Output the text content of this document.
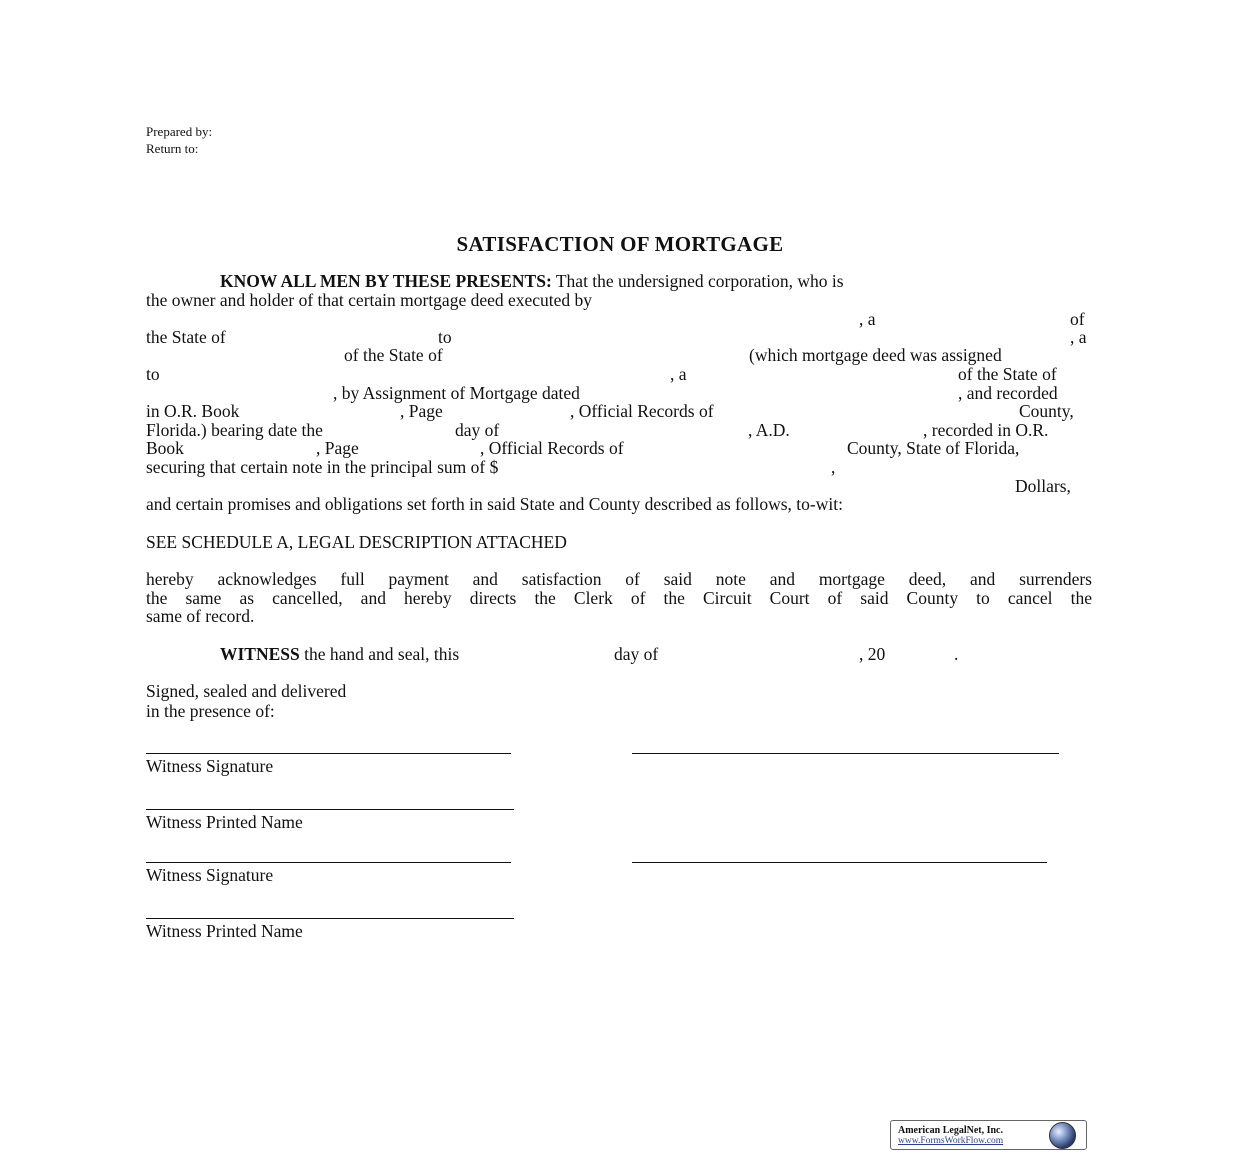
Prepared by:
Return to:
SATISFACTION OF MORTGAGE
KNOW ALL MEN BY THESE PRESENTS: That the undersigned corporation, who is
the owner and holder of that certain mortgage deed executed by
, a	of
the State of	to	, a
of the State of	(which mortgage deed was assigned
to	, a	of the State of
, by Assignment of Mortgage dated	, and recorded
in O.R. Book	, Page	, Official Records of	County,
Florida.) bearing date the	day of	, A.D.	, recorded in O.R.
Book	, Page	, Official Records of	County, State of Florida,
securing that certain note in the principal sum of $	,
Dollars,
and certain promises and obligations set forth in said State and County described as follows, to-wit:
SEE SCHEDULE A, LEGAL DESCRIPTION ATTACHED
hereby acknowledges full payment and satisfaction of said note and mortgage deed, and surrenders
the same as cancelled, and hereby directs the Clerk of the Circuit Court of said County to cancel the
same of record.
WITNESS the hand and seal, this	day of	, 20	.
Signed, sealed and delivered
in the presence of:
Witness Signature
Witness Printed Name
Witness Signature
Witness Printed Name
American LegalNet, Inc.
www.FormsWorkFlow.com
